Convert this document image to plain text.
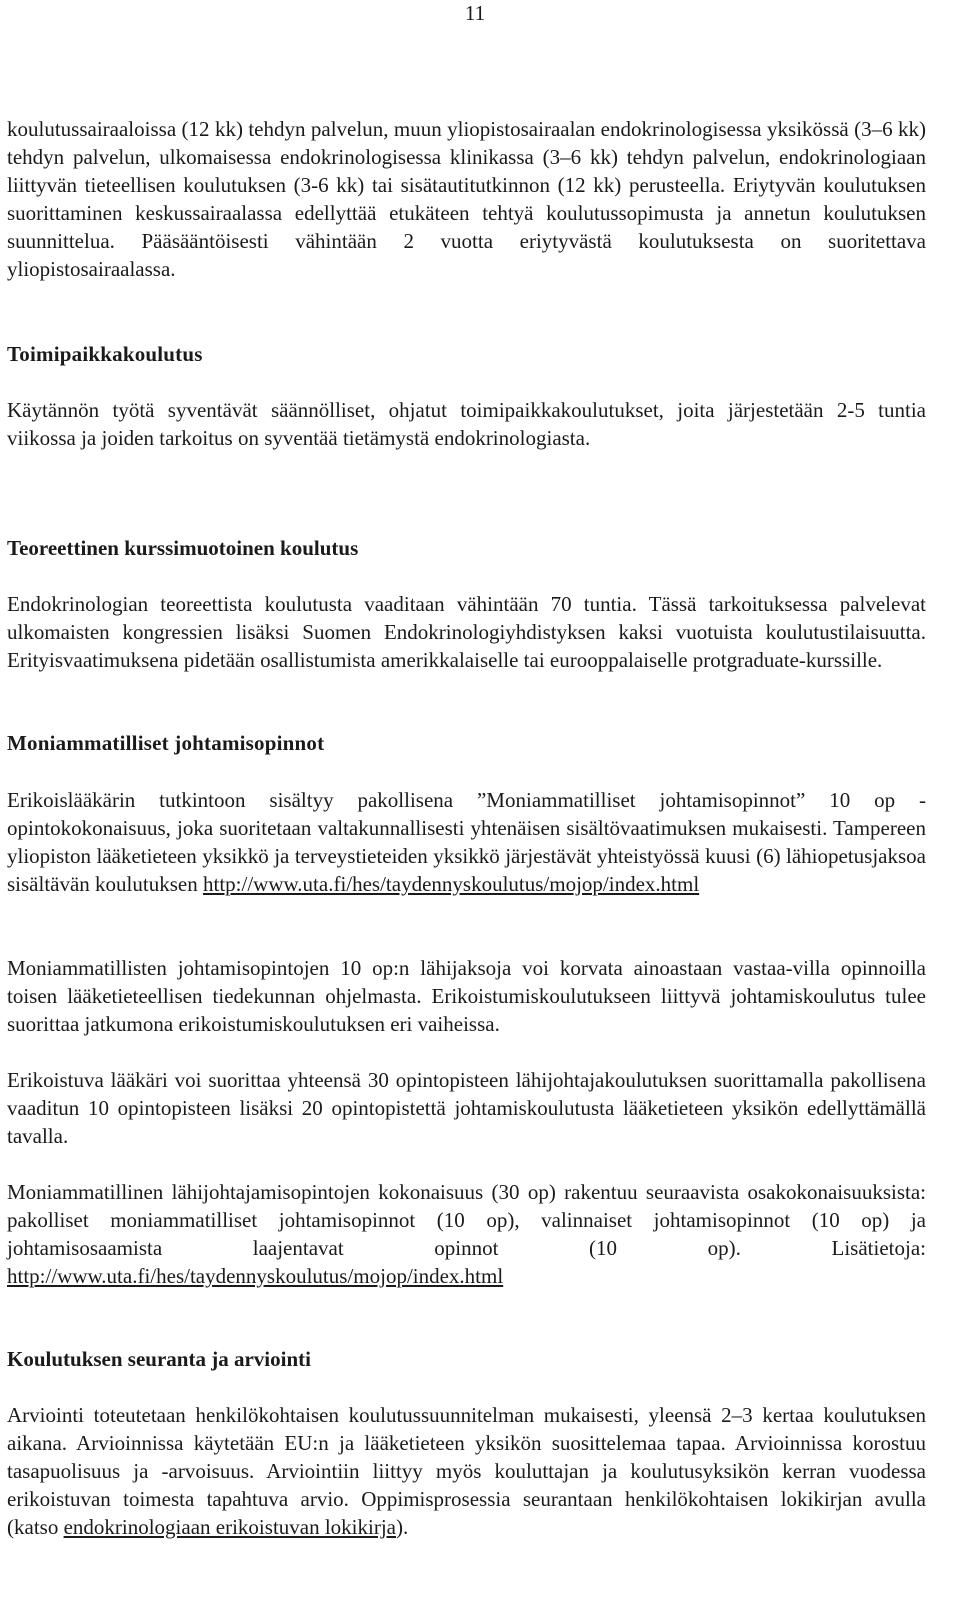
11

koulutussairaaloissa (12 kk) tehdyn palvelun, muun yliopistosairaalan endokrinologisessa yksikössä (3–6 kk) tehdyn palvelun, ulkomaisessa endokrinologisessa klinikassa (3–6 kk) tehdyn palvelun, endokrinologiaan liittyvän tieteellisen koulutuksen (3-6 kk) tai sisätautitutkinnon (12 kk) perusteella. Eriytyvän koulutuksen suorittaminen keskussairaalassa edellyttää etukäteen tehtyä koulutussopimusta ja annetun koulutuksen suunnittelua. Pääsääntöisesti vähintään 2 vuotta eriytyvästä koulutuksesta on suoritettava yliopistosairaalassa.

Toimipaikkakoulutus

Käytännön työtä syventävät säännölliset, ohjatut toimipaikkakoulutukset, joita järjestetään 2-5 tuntia viikossa ja joiden tarkoitus on syventää tietämystä endokrinologiasta.

Teoreettinen kurssimuotoinen koulutus

Endokrinologian teoreettista koulutusta vaaditaan vähintään 70 tuntia. Tässä tarkoituksessa palvelevat ulkomaisten kongressien lisäksi Suomen Endokrinologiyhdistyksen kaksi vuotuista koulutustilaisuutta. Erityisvaatimuksena pidetään osallistumista amerikkalaiselle tai eurooppalaiselle protgraduate-kurssille.

Moniammatilliset johtamisopinnot

Erikoislääkärin tutkintoon sisältyy pakollisena ”Moniammatilliset johtamisopinnot” 10 op -opintokokonaisuus, joka suoritetaan valtakunnallisesti yhtenäisen sisältövaatimuksen mukaisesti. Tampereen yliopiston lääketieteen yksikkö ja terveystieteiden yksikkö järjestävät yhteistyössä kuusi (6) lähiopetusjaksoa sisältävän koulutuksen http://www.uta.fi/hes/taydennyskoulutus/mojop/index.html

Moniammatillisten johtamisopintojen 10 op:n lähijaksoja voi korvata ainoastaan vastaa-villa opinnoilla toisen lääketieteellisen tiedekunnan ohjelmasta. Erikoistumiskoulutukseen liittyvä johtamiskoulutus tulee suorittaa jatkumona erikoistumiskoulutuksen eri vaiheissa.

Erikoistuva lääkäri voi suorittaa yhteensä 30 opintopisteen lähijohtajakoulutuksen suorittamalla pakollisena vaaditun 10 opintopisteen lisäksi 20 opintopistettä johtamiskoulutusta lääketieteen yksikön edellyttämällä tavalla.

Moniammatillinen lähijohtajamisopintojen kokonaisuus (30 op) rakentuu seuraavista osakokonaisuuksista: pakolliset moniammatilliset johtamisopinnot (10 op), valinnaiset johtamisopinnot (10 op) ja johtamisosaamista laajentavat opinnot (10 op).	Lisätietoja: http://www.uta.fi/hes/taydennyskoulutus/mojop/index.html

Koulutuksen seuranta ja arviointi

Arviointi toteutetaan henkilökohtaisen koulutussuunnitelman mukaisesti, yleensä 2–3 kertaa koulutuksen aikana. Arvioinnissa käytetään EU:n ja lääketieteen yksikön suosittelemaa tapaa. Arvioinnissa korostuu tasapuolisuus ja -arvoisuus. Arviointiin liittyy myös kouluttajan ja koulutusyksikön kerran vuodessa erikoistuvan toimesta tapahtuva arvio. Oppimisprosessia seurantaan henkilökohtaisen lokikirjan avulla (katso endokrinologiaan erikoistuvan lokikirja).
